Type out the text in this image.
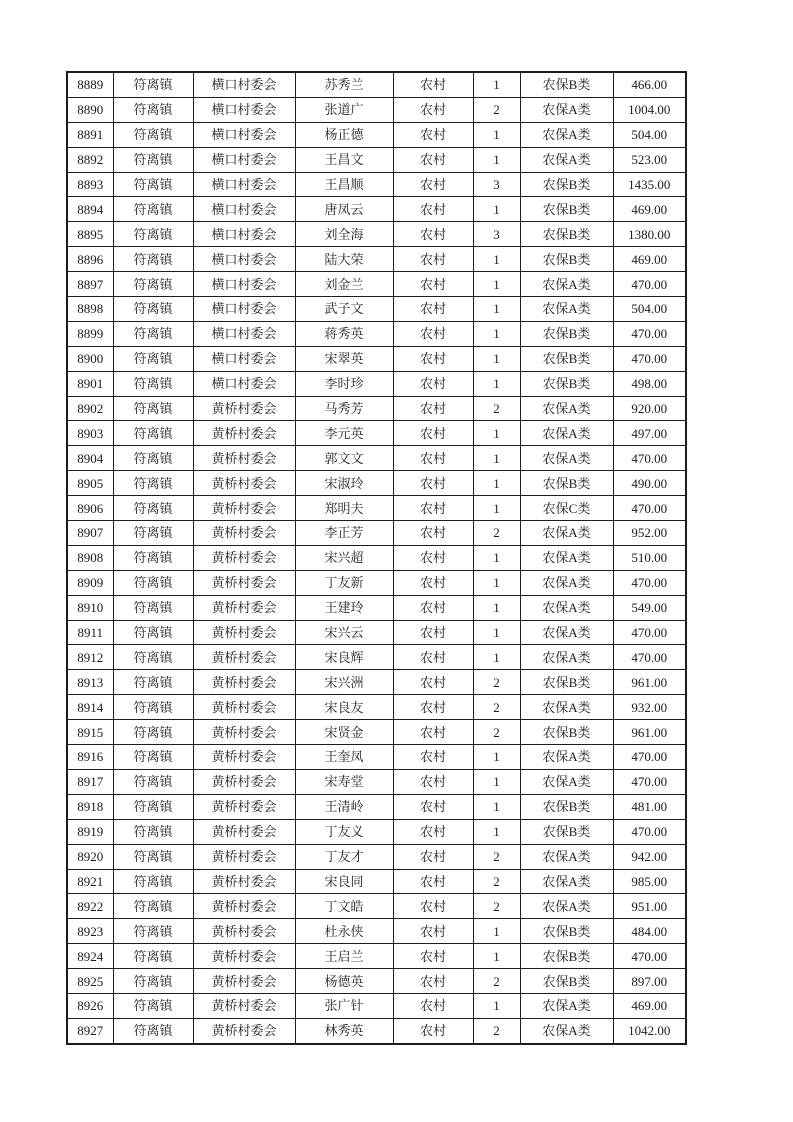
8889	符离镇	横口村委会	苏秀兰	农村	1	农保B类	466.00
8890	符离镇	横口村委会	张道广	农村	2	农保A类	1004.00
8891	符离镇	横口村委会	杨正德	农村	1	农保A类	504.00
8892	符离镇	横口村委会	王昌文	农村	1	农保A类	523.00
8893	符离镇	横口村委会	王昌顺	农村	3	农保B类	1435.00
8894	符离镇	横口村委会	唐凤云	农村	1	农保B类	469.00
8895	符离镇	横口村委会	刘全海	农村	3	农保B类	1380.00
8896	符离镇	横口村委会	陆大荣	农村	1	农保B类	469.00
8897	符离镇	横口村委会	刘金兰	农村	1	农保A类	470.00
8898	符离镇	横口村委会	武子文	农村	1	农保A类	504.00
8899	符离镇	横口村委会	蒋秀英	农村	1	农保B类	470.00
8900	符离镇	横口村委会	宋翠英	农村	1	农保B类	470.00
8901	符离镇	横口村委会	李时珍	农村	1	农保B类	498.00
8902	符离镇	黄桥村委会	马秀芳	农村	2	农保A类	920.00
8903	符离镇	黄桥村委会	李元英	农村	1	农保A类	497.00
8904	符离镇	黄桥村委会	郭文文	农村	1	农保A类	470.00
8905	符离镇	黄桥村委会	宋淑玲	农村	1	农保B类	490.00
8906	符离镇	黄桥村委会	郑明夫	农村	1	农保C类	470.00
8907	符离镇	黄桥村委会	李正芳	农村	2	农保A类	952.00
8908	符离镇	黄桥村委会	宋兴超	农村	1	农保A类	510.00
8909	符离镇	黄桥村委会	丁友新	农村	1	农保A类	470.00
8910	符离镇	黄桥村委会	王建玲	农村	1	农保A类	549.00
8911	符离镇	黄桥村委会	宋兴云	农村	1	农保A类	470.00
8912	符离镇	黄桥村委会	宋良辉	农村	1	农保A类	470.00
8913	符离镇	黄桥村委会	宋兴洲	农村	2	农保B类	961.00
8914	符离镇	黄桥村委会	宋良友	农村	2	农保A类	932.00
8915	符离镇	黄桥村委会	宋贤金	农村	2	农保B类	961.00
8916	符离镇	黄桥村委会	王奎凤	农村	1	农保A类	470.00
8917	符离镇	黄桥村委会	宋寿堂	农村	1	农保A类	470.00
8918	符离镇	黄桥村委会	王清岭	农村	1	农保B类	481.00
8919	符离镇	黄桥村委会	丁友义	农村	1	农保B类	470.00
8920	符离镇	黄桥村委会	丁友才	农村	2	农保A类	942.00
8921	符离镇	黄桥村委会	宋良同	农村	2	农保A类	985.00
8922	符离镇	黄桥村委会	丁文皓	农村	2	农保A类	951.00
8923	符离镇	黄桥村委会	杜永侠	农村	1	农保B类	484.00
8924	符离镇	黄桥村委会	王启兰	农村	1	农保B类	470.00
8925	符离镇	黄桥村委会	杨德英	农村	2	农保B类	897.00
8926	符离镇	黄桥村委会	张广针	农村	1	农保A类	469.00
8927	符离镇	黄桥村委会	林秀英	农村	2	农保A类	1042.00
